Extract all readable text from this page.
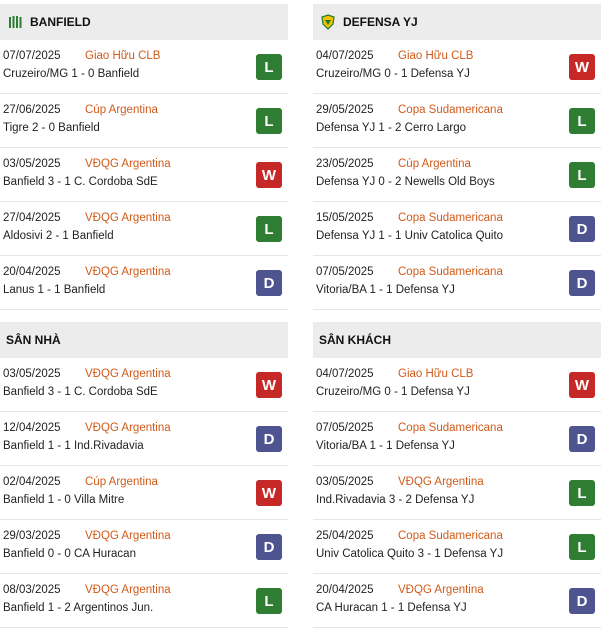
BANFIELD
07/07/2025 Giao Hữu CLB
Cruzeiro/MG 1 - 0 Banfield	L
27/06/2025 Cúp Argentina
Tigre 2 - 0 Banfield	L
03/05/2025 VĐQG Argentina
Banfield 3 - 1 C. Cordoba SdE	W
27/04/2025 VĐQG Argentina
Aldosivi 2 - 1 Banfield	L
20/04/2025 VĐQG Argentina
Lanus 1 - 1 Banfield	D
SÂN NHÀ
03/05/2025 VĐQG Argentina
Banfield 3 - 1 C. Cordoba SdE	W
12/04/2025 VĐQG Argentina
Banfield 1 - 1 Ind.Rivadavia	D
02/04/2025 Cúp Argentina
Banfield 1 - 0 Villa Mitre	W
29/03/2025 VĐQG Argentina
Banfield 0 - 0 CA Huracan	D
08/03/2025 VĐQG Argentina
Banfield 1 - 2 Argentinos Jun.	L
DEFENSA YJ
04/07/2025 Giao Hữu CLB
Cruzeiro/MG 0 - 1 Defensa YJ	W
29/05/2025 Copa Sudamericana
Defensa YJ 1 - 2 Cerro Largo	L
23/05/2025 Cúp Argentina
Defensa YJ 0 - 2 Newells Old Boys	L
15/05/2025 Copa Sudamericana
Defensa YJ 1 - 1 Univ Catolica Quito	D
07/05/2025 Copa Sudamericana
Vitoria/BA 1 - 1 Defensa YJ	D
SÂN KHÁCH
04/07/2025 Giao Hữu CLB
Cruzeiro/MG 0 - 1 Defensa YJ	W
07/05/2025 Copa Sudamericana
Vitoria/BA 1 - 1 Defensa YJ	D
03/05/2025 VĐQG Argentina
Ind.Rivadavia 3 - 2 Defensa YJ	L
25/04/2025 Copa Sudamericana
Univ Catolica Quito 3 - 1 Defensa YJ	L
20/04/2025 VĐQG Argentina
CA Huracan 1 - 1 Defensa YJ	D
